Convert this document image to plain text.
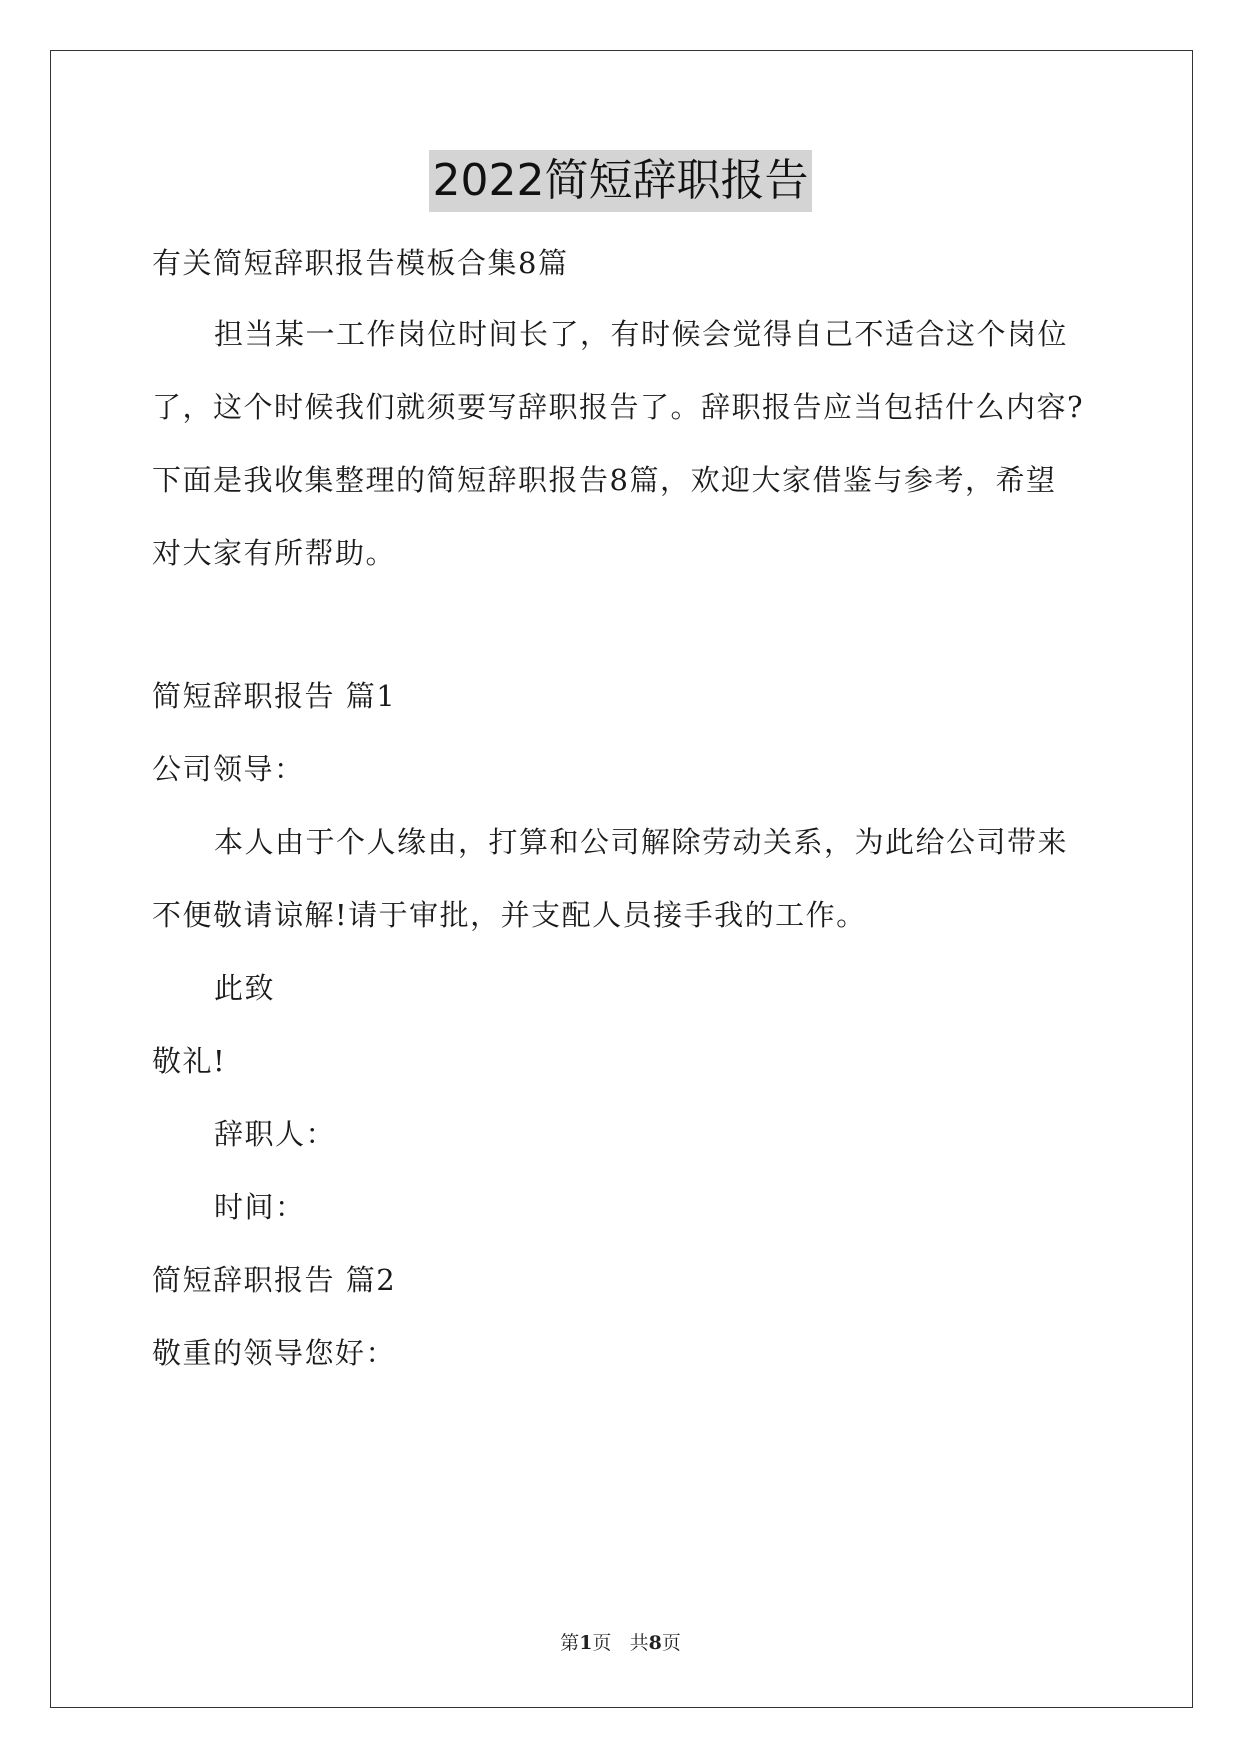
2022简短辞职报告
有关简短辞职报告模板合集8篇
担当某一工作岗位时间长了，有时候会觉得自己不适合这个岗位
了，这个时候我们就须要写辞职报告了。辞职报告应当包括什么内容?
下面是我收集整理的简短辞职报告8篇，欢迎大家借鉴与参考，希望
对大家有所帮助。
简短辞职报告 篇1
公司领导：
本人由于个人缘由，打算和公司解除劳动关系，为此给公司带来
不便敬请谅解!请于审批，并支配人员接手我的工作。
此致
敬礼!
辞职人：
时间：
简短辞职报告 篇2
敬重的领导您好：
第1页 共8页
